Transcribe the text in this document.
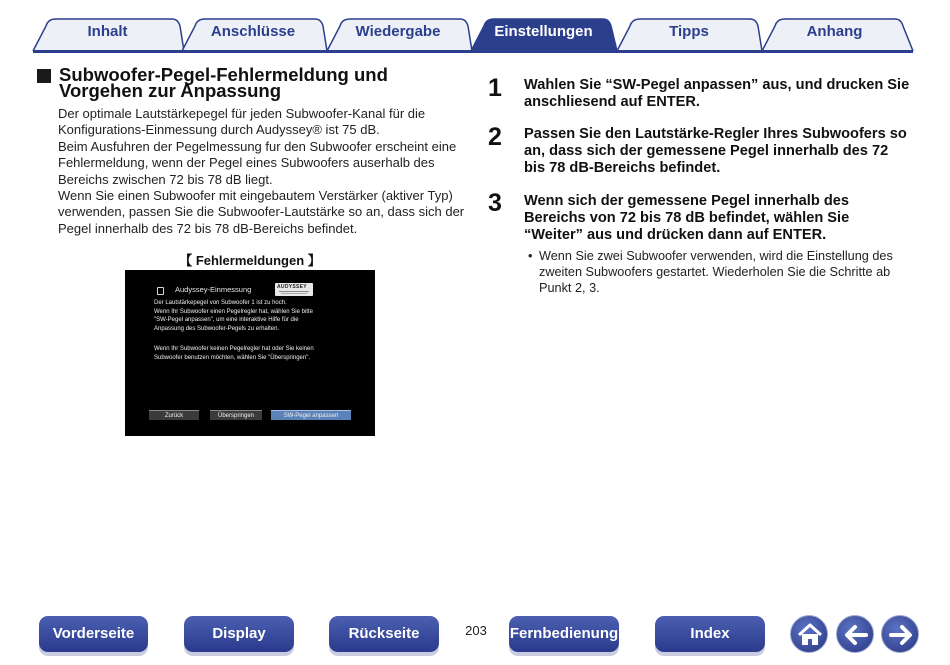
Inhalt	Anschlüsse	Wiedergabe	Einstellungen	Tipps	Anhang
Subwoofer-Pegel-Fehlermeldung und
Vorgehen zur Anpassung

Der optimale Lautstärkepegel für jeden Subwoofer-Kanal für die

Konfigurations-Einmessung durch Audyssey® ist 75 dB.

Beim Ausfuhren der Pegelmessung fur den Subwoofer erscheint eine

Fehlermeldung, wenn der Pegel eines Subwoofers auserhalb des

Bereichs zwischen 72 bis 78 dB liegt.

Wenn Sie einen Subwoofer mit eingebautem Verstärker (aktiver Typ)

verwenden, passen Sie die Subwoofer-Lautstärke so an, dass sich der

Pegel innerhalb des 72 bis 78 dB-Bereichs befindet.

【 Fehlermeldungen 】
Audyssey-Einmessung	AUDYSSEY
Der Lautstärkepegel von Subwoofer 1 ist zu hoch.
Wenn Ihr Subwoofer einen Pegelregler hat, wählen Sie bitte
"SW-Pegel anpassen", um eine interaktive Hilfe für die
Anpassung des Subwoofer-Pegels zu erhalten.
Wenn Ihr Subwoofer keinen Pegelregler hat oder Sie keinen
Subwoofer benutzen möchten, wählen Sie "Überspringen".
Zurück	Überspringen	SW-Pegel anpassen
1 Wahlen Sie “SW-Pegel anpassen” aus, und drucken Sie

anschliesend auf ENTER.

2 Passen Sie den Lautstärke-Regler Ihres Subwoofers so

an, dass sich der gemessene Pegel innerhalb des 72

bis 78 dB-Bereichs befindet.

3 Wenn sich der gemessene Pegel innerhalb des

Bereichs von 72 bis 78 dB befindet, wählen Sie

“Weiter” aus und drücken dann auf ENTER.

• Wenn Sie zwei Subwoofer verwenden, wird die Einstellung des

zweiten Subwoofers gestartet. Wiederholen Sie die Schritte ab

Punkt 2, 3.

Vorderseite	Display	Rückseite	203	Fernbedienung	Index
